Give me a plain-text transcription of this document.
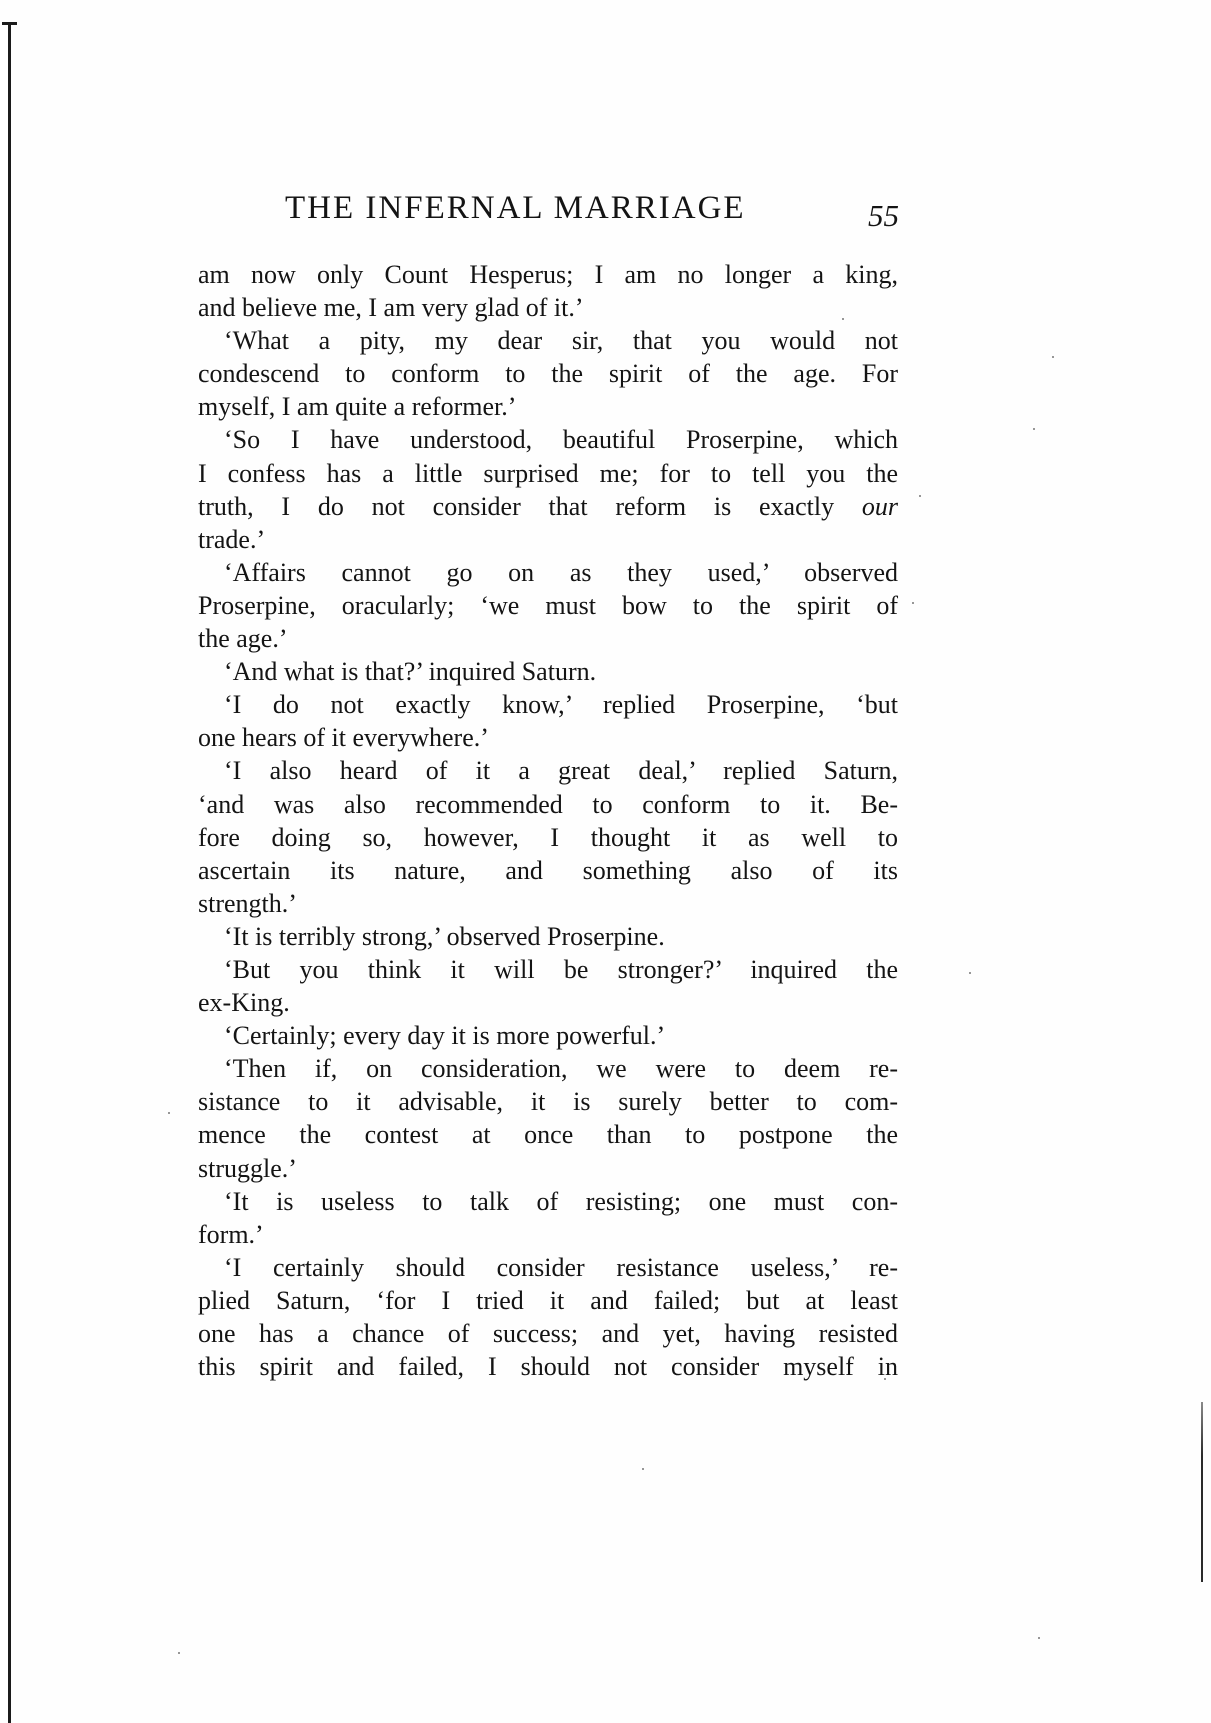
THE INFERNAL MARRIAGE	55
am now only Count Hesperus; I am no longer a king,
and believe me, I am very glad of it.’
‘What a pity, my dear sir, that you would not
condescend to conform to the spirit of the age. For
myself, I am quite a reformer.’
‘So I have understood, beautiful Proserpine, which
I confess has a little surprised me; for to tell you the
truth, I do not consider that reform is exactly our
trade.’
‘Affairs cannot go on as they used,’ observed
Proserpine, oracularly; ‘we must bow to the spirit of
the age.’
‘And what is that?’ inquired Saturn.
‘I do not exactly know,’ replied Proserpine, ‘but
one hears of it everywhere.’
‘I also heard of it a great deal,’ replied Saturn,
‘and was also recommended to conform to it. Be-
fore doing so, however, I thought it as well to
ascertain its nature, and something also of its
strength.’
‘It is terribly strong,’ observed Proserpine.
‘But you think it will be stronger?’ inquired the
ex-King.
‘Certainly; every day it is more powerful.’
‘Then if, on consideration, we were to deem re-
sistance to it advisable, it is surely better to com-
mence the contest at once than to postpone the
struggle.’
‘It is useless to talk of resisting; one must con-
form.’
‘I certainly should consider resistance useless,’ re-
plied Saturn, ‘for I tried it and failed; but at least
one has a chance of success; and yet, having resisted
this spirit and failed, I should not consider myself in
